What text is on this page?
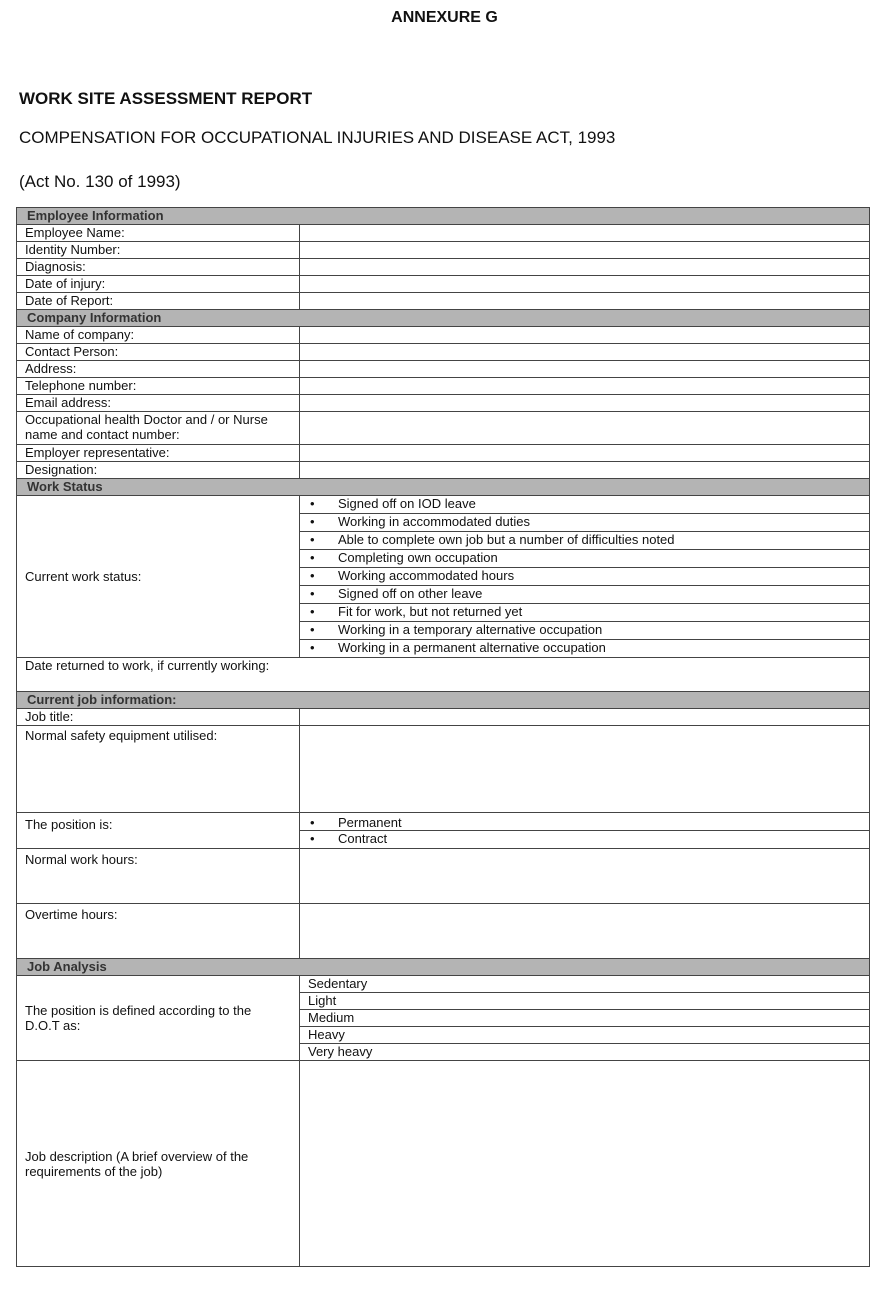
ANNEXURE G
WORK SITE ASSESSMENT REPORT
COMPENSATION FOR OCCUPATIONAL INJURIES AND DISEASE ACT, 1993
(Act No. 130 of 1993)
Employee Information	
Employee Name:	
Identity Number:	
Diagnosis:	
Date of injury:	
Date of Report:	
Company Information	
Name of company:	
Contact Person:	
Address:	
Telephone number:	
Email address:	
Occupational health Doctor and / or Nurse name and contact number:	
Employer representative:	
Designation:	
Work Status	
Current work status:	• Signed off on IOD leave
	• Working in accommodated duties
	• Able to complete own job but a number of difficulties noted
	• Completing own occupation
	• Working accommodated hours
	• Signed off on other leave
	• Fit for work, but not returned yet
	• Working in a temporary alternative occupation
	• Working in a permanent alternative occupation
Date returned to work, if currently working:	
Current job information:	
Job title:	
Normal safety equipment utilised:	
The position is:	• Permanent
	• Contract
Normal work hours:	
Overtime hours:	
Job Analysis	
The position is defined according to the D.O.T as:	Sedentary
	Light
	Medium
	Heavy
	Very heavy
Job description (A brief overview of the requirements of the job)	
